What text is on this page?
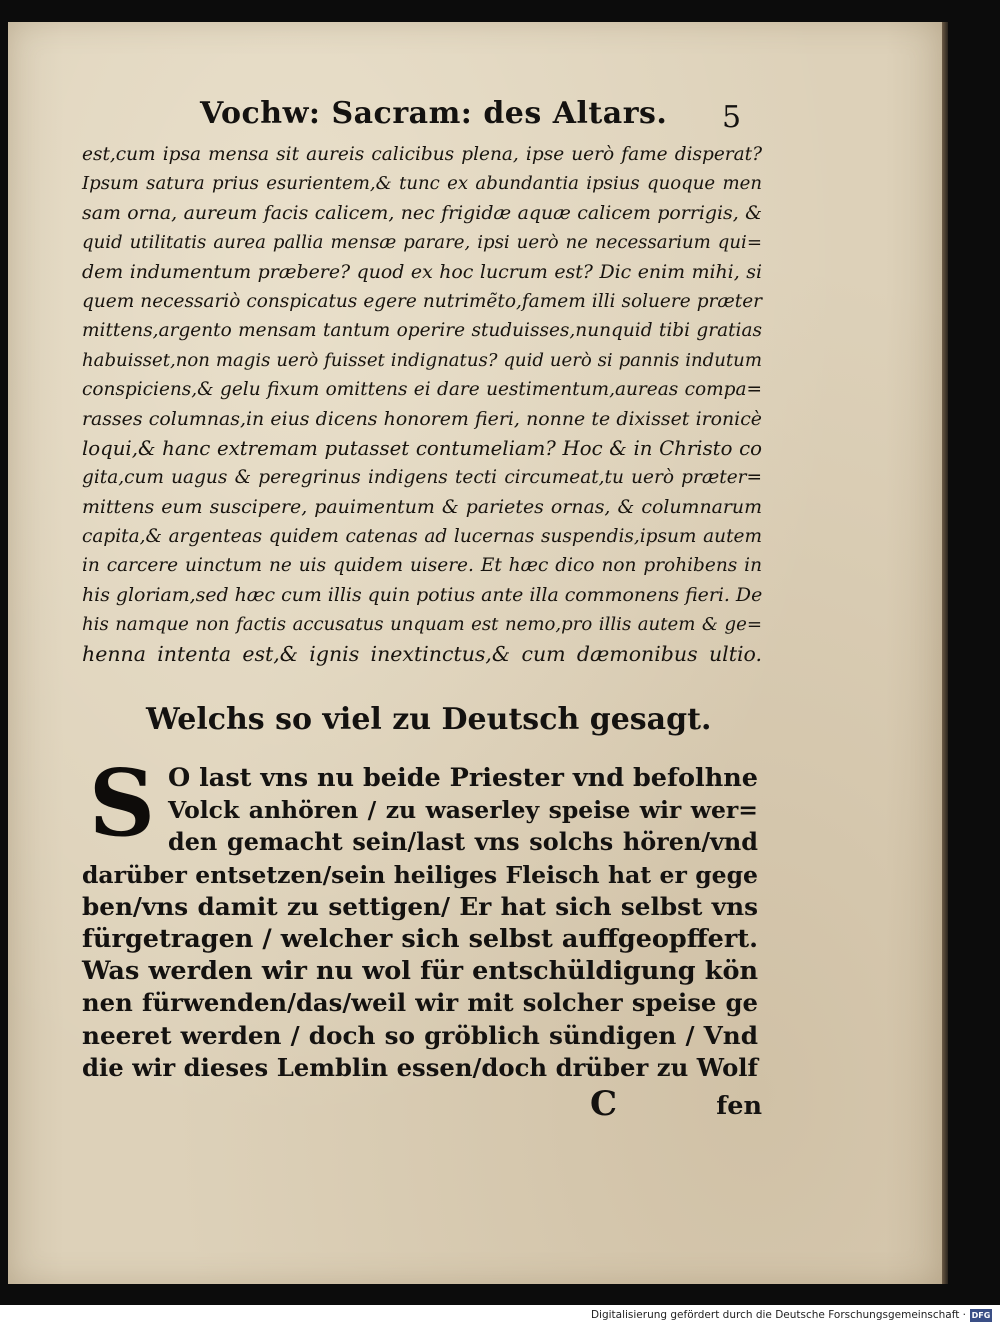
Vochw: Sacram: des Altars. 5
est,cum ipsa mensa sit aureis calicibus plena, ipse uerò fame disperat?
Ipsum satura prius esurientem,& tunc ex abundantia ipsius quoque men
sam orna, aureum facis calicem, nec frigidæ aquæ calicem porrigis, &
quid utilitatis aurea pallia mensæ parare, ipsi uerò ne necessarium qui=
dem indumentum præbere? quod ex hoc lucrum est? Dic enim mihi, si
quem necessariò conspicatus egere nutrimẽto,famem illi soluere præter
mittens,argento mensam tantum operire studuisses,nunquid tibi gratias
habuisset,non magis uerò fuisset indignatus? quid uerò si pannis indutum
conspiciens,& gelu fixum omittens ei dare uestimentum,aureas compa=
rasses columnas,in eius dicens honorem fieri, nonne te dixisset ironicè
loqui,& hanc extremam putasset contumeliam? Hoc & in Christo co
gita,cum uagus & peregrinus indigens tecti circumeat,tu uerò præter=
mittens eum suscipere, pauimentum & parietes ornas, & columnarum
capita,& argenteas quidem catenas ad lucernas suspendis,ipsum autem
in carcere uinctum ne uis quidem uisere. Et hæc dico non prohibens in
his gloriam,sed hæc cum illis quin potius ante illa commonens fieri. De
his namque non factis accusatus unquam est nemo,pro illis autem & ge=
henna intenta est,& ignis inextinctus,& cum dæmonibus ultio.
Welchs so viel zu Deutsch gesagt.
S O last vns nu beide Priester vnd befolhne
Volck anhören / zu waserley speise wir wer=
den gemacht sein/last vns solchs hören/vnd
darüber entsetzen/sein heiliges Fleisch hat er gege
ben/vns damit zu settigen/ Er hat sich selbst vns
fürgetragen / welcher sich selbst auffgeopffert.
Was werden wir nu wol für entschüldigung kön
nen fürwenden/das/weil wir mit solcher speise ge
neeret werden / doch so gröblich sündigen / Vnd
die wir dieses Lemblin essen/doch drüber zu Wolf
C	fen
Digitalisierung gefördert durch die Deutsche Forschungsgemeinschaft · DFG
